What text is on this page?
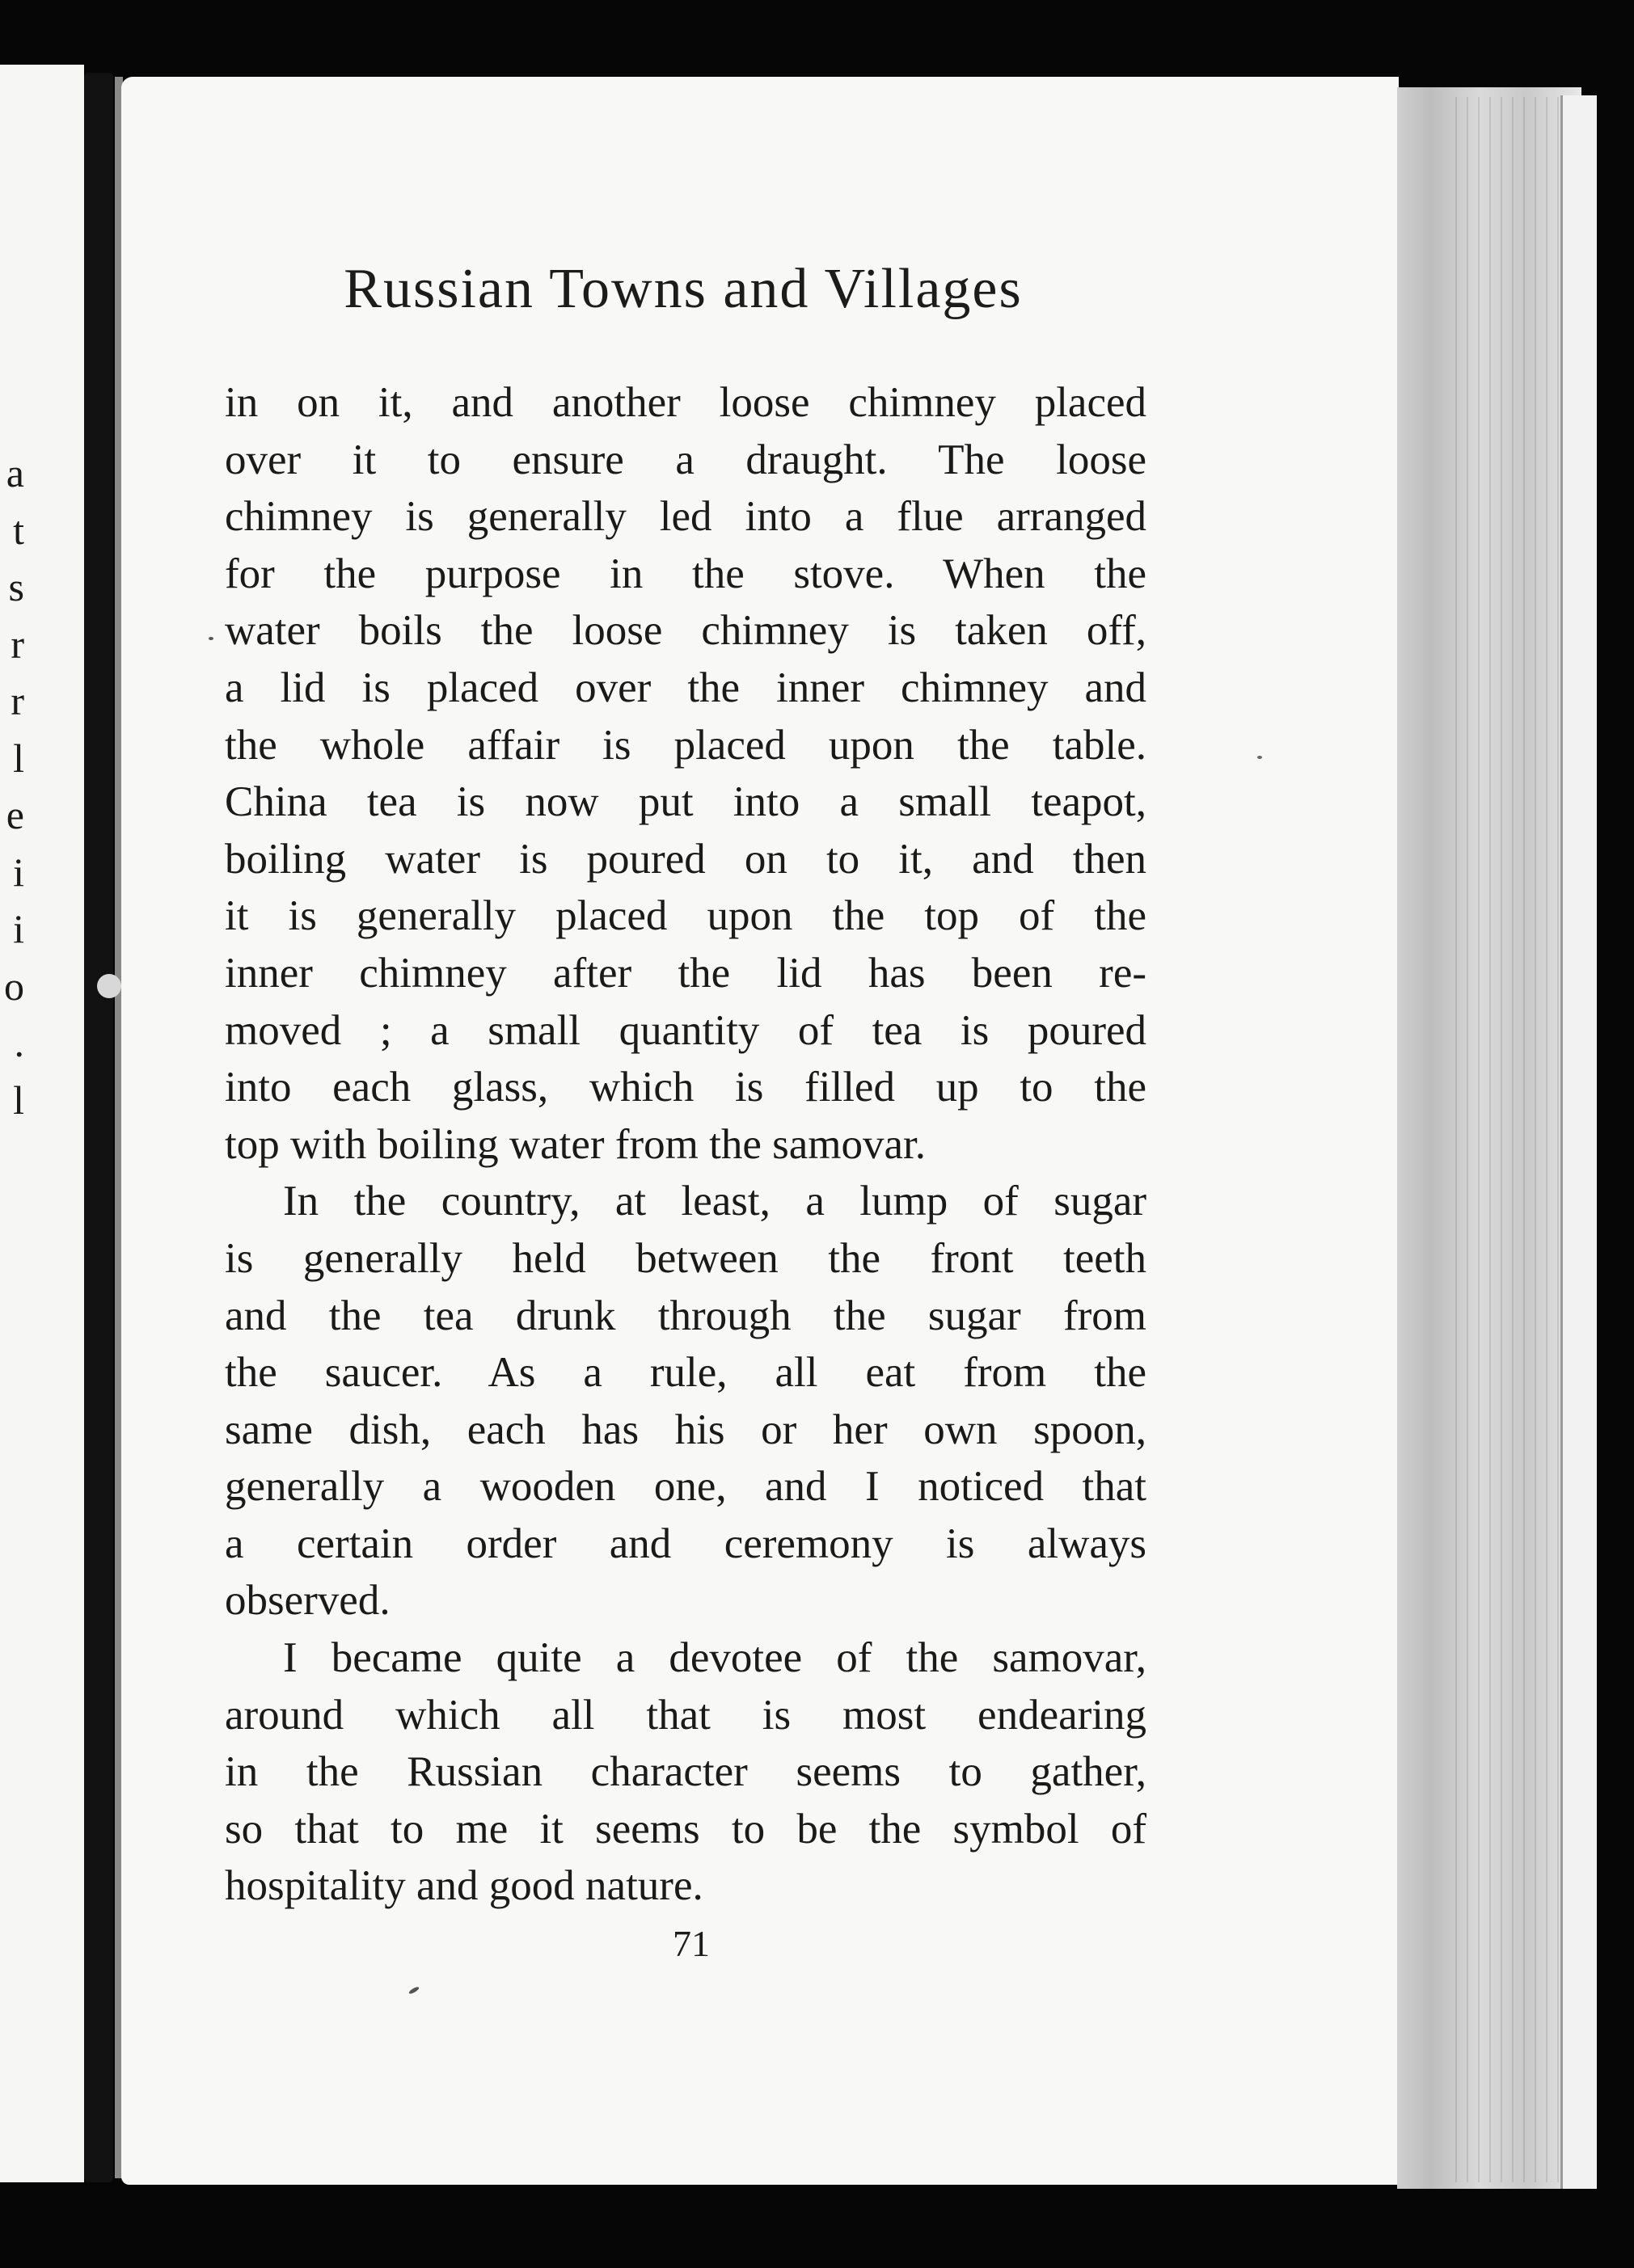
a
t
s
r
r
l
e
i
i
o
.
l
Russian Towns and Villages
in on it, and another loose chimney placed
over it to ensure a draught. The loose
chimney is generally led into a flue arranged
for the purpose in the stove. When the
water boils the loose chimney is taken off,
a lid is placed over the inner chimney and
the whole affair is placed upon the table.
China tea is now put into a small teapot,
boiling water is poured on to it, and then
it is generally placed upon the top of the
inner chimney after the lid has been re-
moved ; a small quantity of tea is poured
into each glass, which is filled up to the
top with boiling water from the samovar.
In the country, at least, a lump of sugar
is generally held between the front teeth
and the tea drunk through the sugar from
the saucer. As a rule, all eat from the
same dish, each has his or her own spoon,
generally a wooden one, and I noticed that
a certain order and ceremony is always
observed.
I became quite a devotee of the samovar,
around which all that is most endearing
in the Russian character seems to gather,
so that to me it seems to be the symbol of
hospitality and good nature.
71
